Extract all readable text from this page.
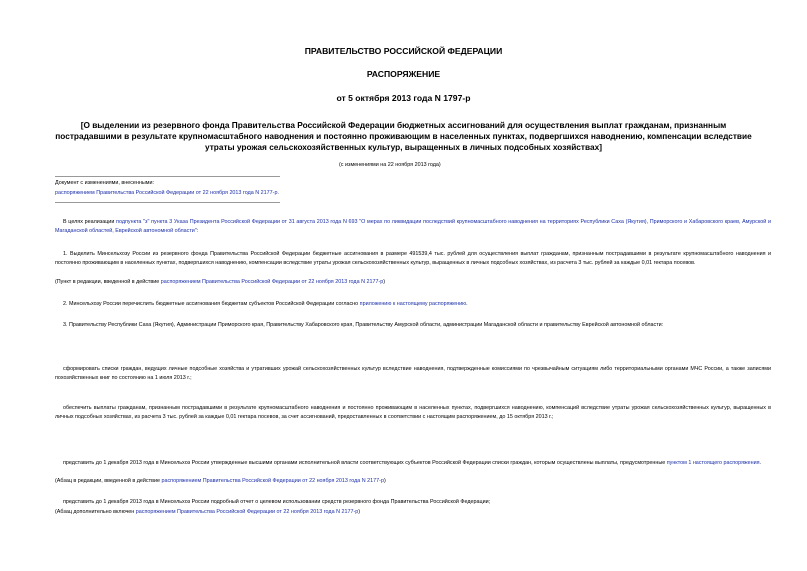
ПРАВИТЕЛЬСТВО РОССИЙСКОЙ ФЕДЕРАЦИИ
РАСПОРЯЖЕНИЕ
от 5 октября 2013 года N 1797-р
[О выделении из резервного фонда Правительства Российской Федерации бюджетных ассигнований для осуществления выплат гражданам, признанным пострадавшими в результате крупномасштабного наводнения и постоянно проживающим в населенных пунктах, подвергшихся наводнению, компенсации вследствие утраты урожая сельскохозяйственных культур, выращенных в личных подсобных хозяйствах]
(с изменениями на 22 ноября 2013 года)
Документ с изменениями, внесенными:
распоряжением Правительства Российской Федерации от 22 ноября 2013 года N 2177-р.
В целях реализации подпункта "з" пункта 3 Указа Президента Российской Федерации от 31 августа 2013 года N 693 "О мерах по ликвидации последствий крупномасштабного наводнения на территориях Республики Саха (Якутия), Приморского и Хабаровского краев, Амурской и Магаданской областей, Еврейской автономной области":
1. Выделить Минсельхозу России из резервного фонда Правительства Российской Федерации бюджетные ассигнования в размере 491539,4 тыс. рублей для осуществления выплат гражданам, признанным пострадавшими в результате крупномасштабного наводнения и постоянно проживающим в населенных пунктах, подвергшихся наводнению, компенсации вследствие утраты урожая сельскохозяйственных культур, выращенных в личных подсобных хозяйствах, из расчета 3 тыс. рублей за каждые 0,01 гектара посевов.
(Пункт в редакции, введенной в действие распоряжением Правительства Российской Федерации от 22 ноября 2013 года N 2177-р)
2. Минсельхозу России перечислить бюджетные ассигнования бюджетам субъектов Российской Федерации согласно приложению к настоящему распоряжению.
3. Правительству Республики Саха (Якутия), Администрации Приморского края, Правительству Хабаровского края, Правительству Амурской области, администрации Магаданской области и правительству Еврейской автономной области:
сформировать списки граждан, ведущих личные подсобные хозяйства и утративших урожай сельскохозяйственных культур вследствие наводнения, подтвержденные комиссиями по чрезвычайным ситуациям либо территориальными органами МЧС России, а также записями похозяйственных книг по состоянию на 1 июля 2013 г.;
обеспечить выплаты гражданам, признанным пострадавшими в результате крупномасштабного наводнения и постоянно проживающим в населенных пунктах, подвергшихся наводнению, компенсаций вследствие утраты урожая сельскохозяйственных культур, выращенных в личных подсобных хозяйствах, из расчета 3 тыс. рублей за каждые 0,01 гектара посевов, за счет ассигнований, предоставленных в соответствии с настоящим распоряжением, до 15 октября 2013 г.;
представить до 1 декабря 2013 года в Минсельхоз России утвержденные высшими органами исполнительной власти соответствующих субъектов Российской Федерации списки граждан, которым осуществлены выплаты, предусмотренные пунктом 1 настоящего распоряжения.
(Абзац в редакции, введенной в действие распоряжением Правительства Российской Федерации от 22 ноября 2013 года N 2177-р)
представить до 1 декабря 2013 года в Минсельхоз России подробный отчет о целевом использовании средств резервного фонда Правительства Российской Федерации;
(Абзац дополнительно включен распоряжением Правительства Российской Федерации от 22 ноября 2013 года N 2177-р)
